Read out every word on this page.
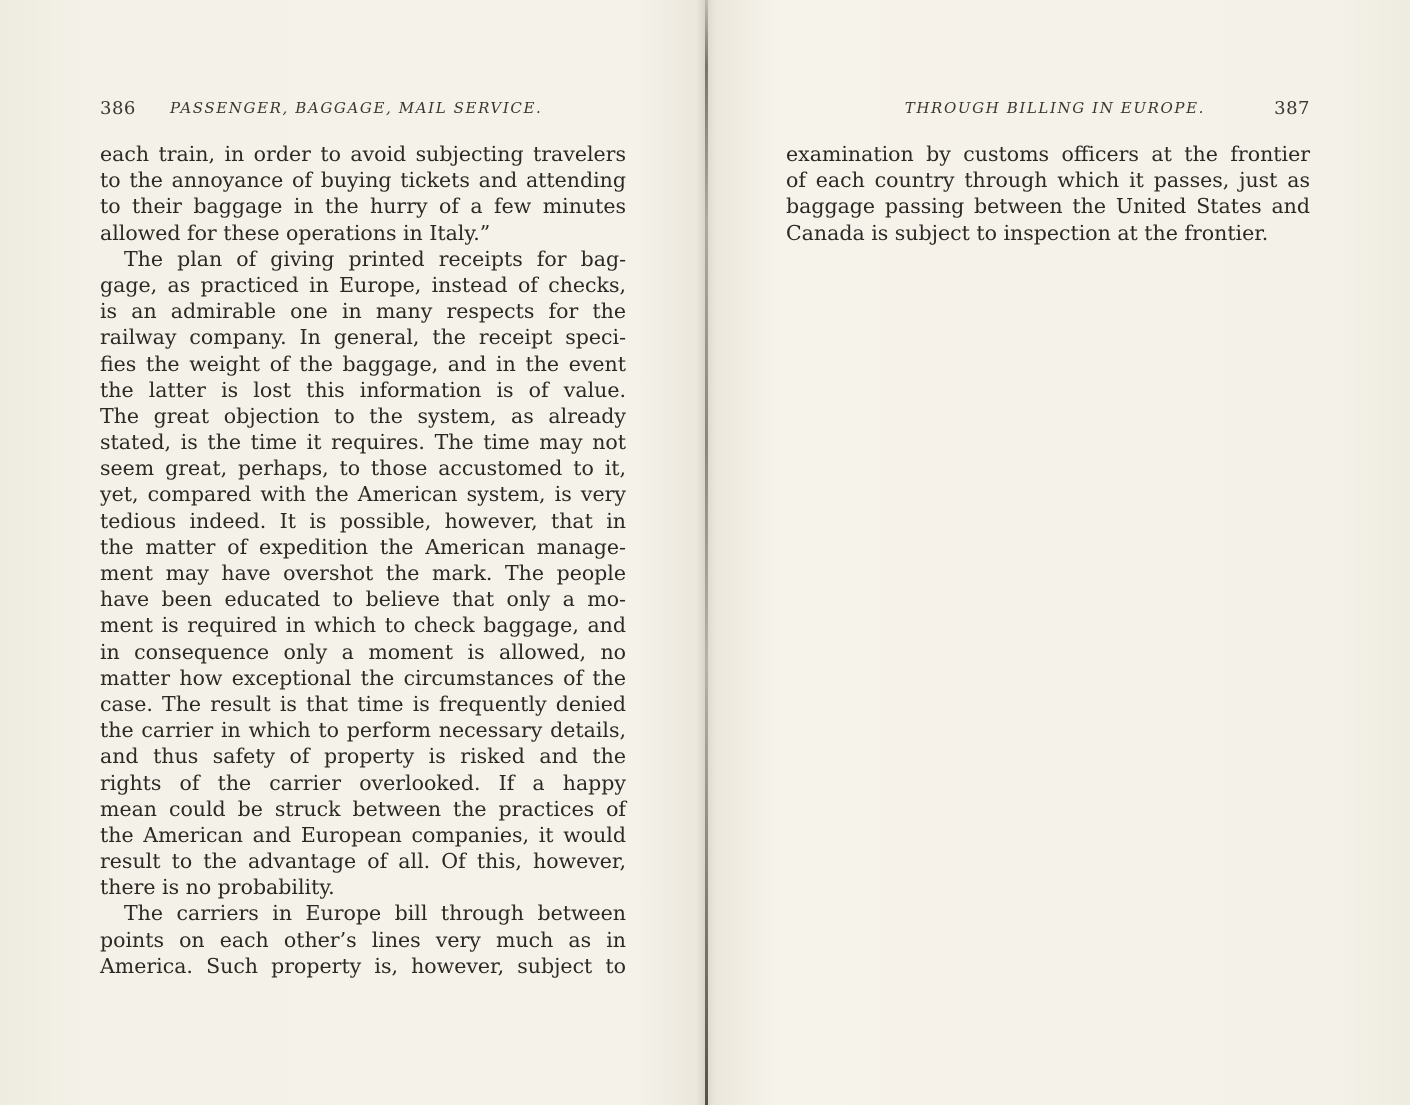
386 PASSENGER, BAGGAGE, MAIL SERVICE.
each train, in order to avoid subjecting travelers
to the annoyance of buying tickets and attending
to their baggage in the hurry of a few minutes
allowed for these operations in Italy.”
The plan of giving printed receipts for bag-
gage, as practiced in Europe, instead of checks,
is an admirable one in many respects for the
railway company. In general, the receipt speci-
fies the weight of the baggage, and in the event
the latter is lost this information is of value.
The great objection to the system, as already
stated, is the time it requires. The time may not
seem great, perhaps, to those accustomed to it,
yet, compared with the American system, is very
tedious indeed. It is possible, however, that in
the matter of expedition the American manage-
ment may have overshot the mark. The people
have been educated to believe that only a mo-
ment is required in which to check baggage, and
in consequence only a moment is allowed, no
matter how exceptional the circumstances of the
case. The result is that time is frequently denied
the carrier in which to perform necessary details,
and thus safety of property is risked and the
rights of the carrier overlooked. If a happy
mean could be struck between the practices of
the American and European companies, it would
result to the advantage of all. Of this, however,
there is no probability.
The carriers in Europe bill through between
points on each other’s lines very much as in
America. Such property is, however, subject to
THROUGH BILLING IN EUROPE.	387
examination by customs officers at the frontier
of each country through which it passes, just as
baggage passing between the United States and
Canada is subject to inspection at the frontier.
